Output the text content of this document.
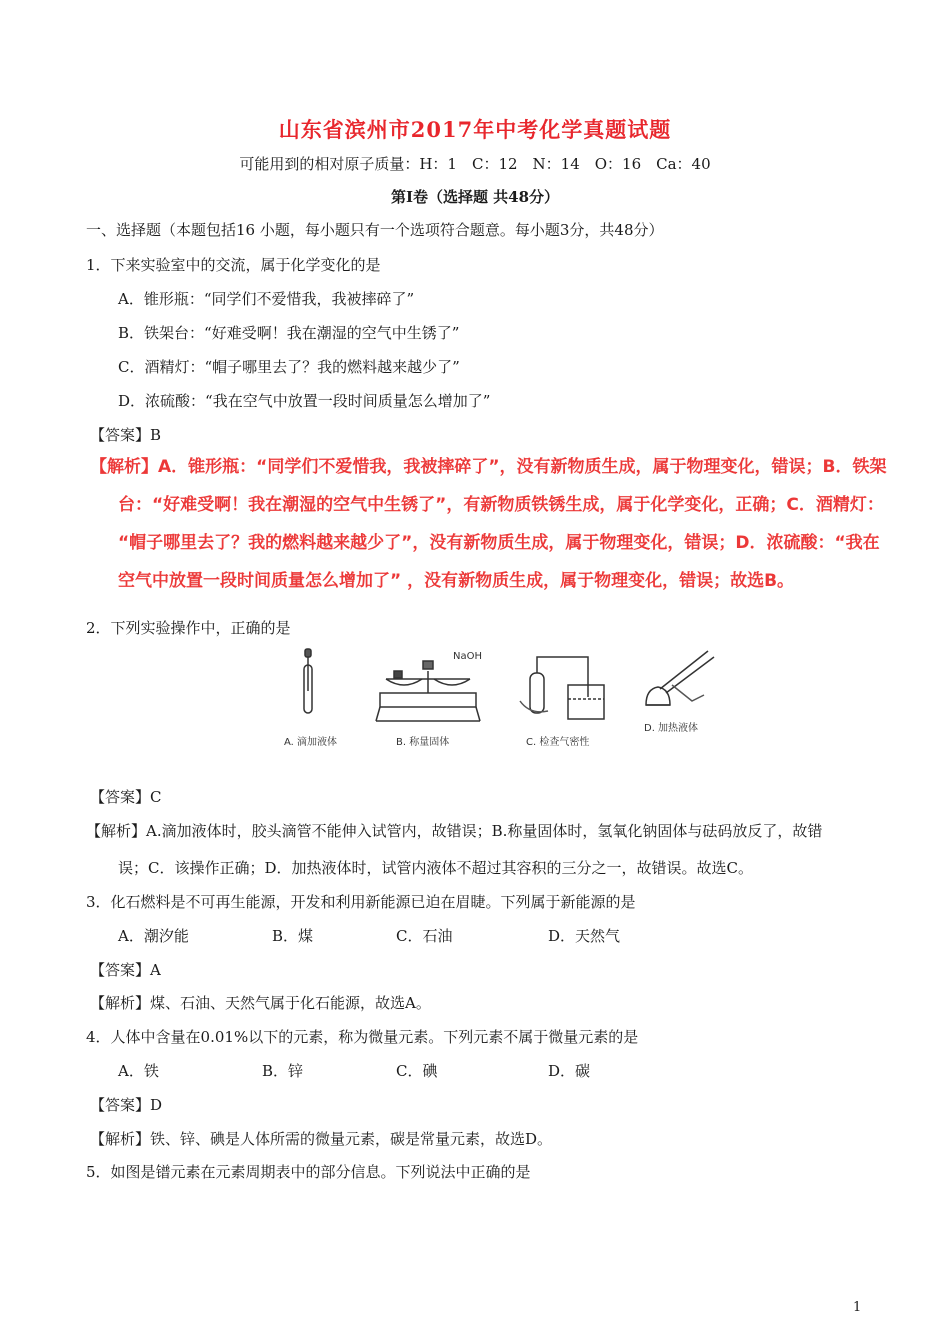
山东省滨州市2017年中考化学真题试题
可能用到的相对原子质量：H：1　C：12　N：14　O：16　Ca：40
第Ⅰ卷（选择题 共48分）
一、选择题（本题包括16 小题，每小题只有一个选项符合题意。每小题3分，共48分）
1．下来实验室中的交流，属于化学变化的是
A．锥形瓶：“同学们不爱惜我，我被摔碎了”
B．铁架台：“好难受啊！我在潮湿的空气中生锈了”
C．酒精灯：“帽子哪里去了？我的燃料越来越少了”
D．浓硫酸：“我在空气中放置一段时间质量怎么增加了”
【答案】B
【解析】A．锥形瓶：“同学们不爱惜我，我被摔碎了”，没有新物质生成，属于物理变化，错误；B．铁架
台：“好难受啊！我在潮湿的空气中生锈了”，有新物质铁锈生成，属于化学变化，正确；C．酒精灯：
“帽子哪里去了？我的燃料越来越少了”，没有新物质生成，属于物理变化，错误；D．浓硫酸：“我在
空气中放置一段时间质量怎么增加了” ，没有新物质生成，属于物理变化，错误；故选B。
2．下列实验操作中，正确的是
A. 滴加液体
NaOH
B. 称量固体	C. 检查气密性
D. 加热液体
【答案】C
【解析】A.滴加液体时，胶头滴管不能伸入试管内，故错误；B.称量固体时，氢氧化钠固体与砝码放反了，故错
误；C．该操作正确；D．加热液体时，试管内液体不超过其容积的三分之一，故错误。故选C。
3．化石燃料是不可再生能源，开发和利用新能源已迫在眉睫。下列属于新能源的是
A．潮汐能	B．煤	C．石油	D．天然气
【答案】A
【解析】煤、石油、天然气属于化石能源，故选A。
4．人体中含量在0.01%以下的元素，称为微量元素。下列元素不属于微量元素的是
A．铁	B．锌	C．碘	D．碳
【答案】D
【解析】铁、锌、碘是人体所需的微量元素，碳是常量元素，故选D。
5．如图是镨元素在元素周期表中的部分信息。下列说法中正确的是
1
